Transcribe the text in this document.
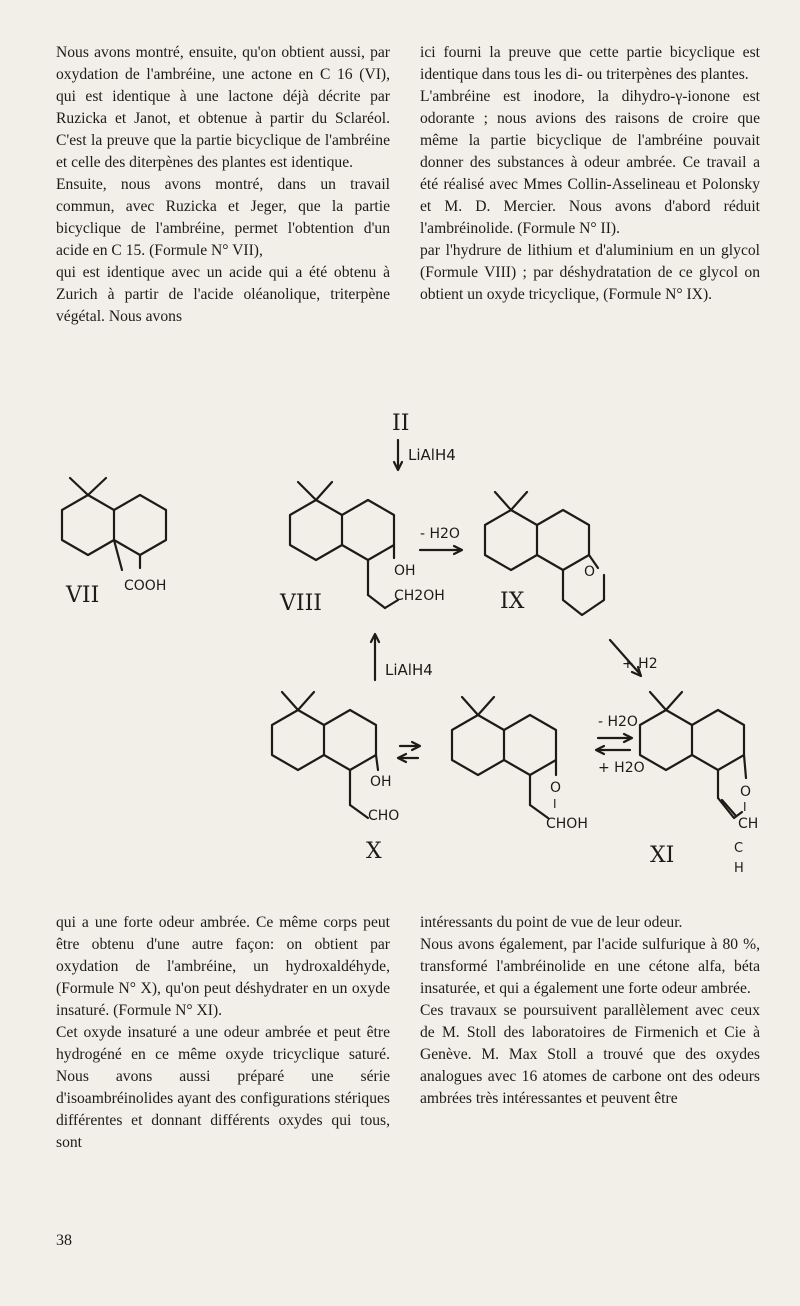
Nous avons montré, ensuite, qu'on obtient aussi, par oxydation de l'ambréine, une actone en C 16 (VI), qui est identique à une lactone déjà décrite par Ruzicka et Janot, et obtenue à partir du Sclaréol. C'est la preuve que la partie bicyclique de l'ambréine et celle des diterpènes des plantes est identique.

Ensuite, nous avons montré, dans un travail commun, avec Ruzicka et Jeger, que la partie bicyclique de l'ambréine, permet l'obtention d'un acide en C 15. (Formule N° VII),

qui est identique avec un acide qui a été obtenu à Zurich à partir de l'acide oléanolique, triterpène végétal. Nous avons

ici fourni la preuve que cette partie bicyclique est identique dans tous les di- ou triterpènes des plantes.

L'ambréine est inodore, la dihydro-γ-ionone est odorante ; nous avions des raisons de croire que même la partie bicyclique de l'ambréine pouvait donner des substances à odeur ambrée. Ce travail a été réalisé avec Mmes Collin-Asselineau et Polonsky et M. D. Mercier. Nous avons d'abord réduit l'ambréinolide. (Formule N° II).

par l'hydrure de lithium et d'aluminium en un glycol (Formule VIII) ; par déshydratation de ce glycol on obtient un oxyde tricyclique, (Formule N° IX).

II
LiAlH4
COOH
VII
OH
CH2OH
VIII
- H2O
O
IX
LiAlH4	+ H2
OH
CHO
X
O
I
CHOH
- H2O
+ H2O
O
I
CH
C
H
XI

qui a une forte odeur ambrée. Ce même corps peut être obtenu d'une autre façon: on obtient par oxydation de l'ambréine, un hydroxaldéhyde, (Formule N° X), qu'on peut déshydrater en un oxyde insaturé. (Formule N° XI).

Cet oxyde insaturé a une odeur ambrée et peut être hydrogéné en ce même oxyde tricyclique saturé. Nous avons aussi préparé une série d'isoambréinolides ayant des configurations stériques différentes et donnant différents oxydes qui tous, sont

intéressants du point de vue de leur odeur.

Nous avons également, par l'acide sulfurique à 80 %, transformé l'ambréinolide en une cétone alfa, béta insaturée, et qui a également une forte odeur ambrée.

Ces travaux se poursuivent parallèlement avec ceux de M. Stoll des laboratoires de Firmenich et Cie à Genève. M. Max Stoll a trouvé que des oxydes analogues avec 16 atomes de carbone ont des odeurs ambrées très intéressantes et peuvent être

38
